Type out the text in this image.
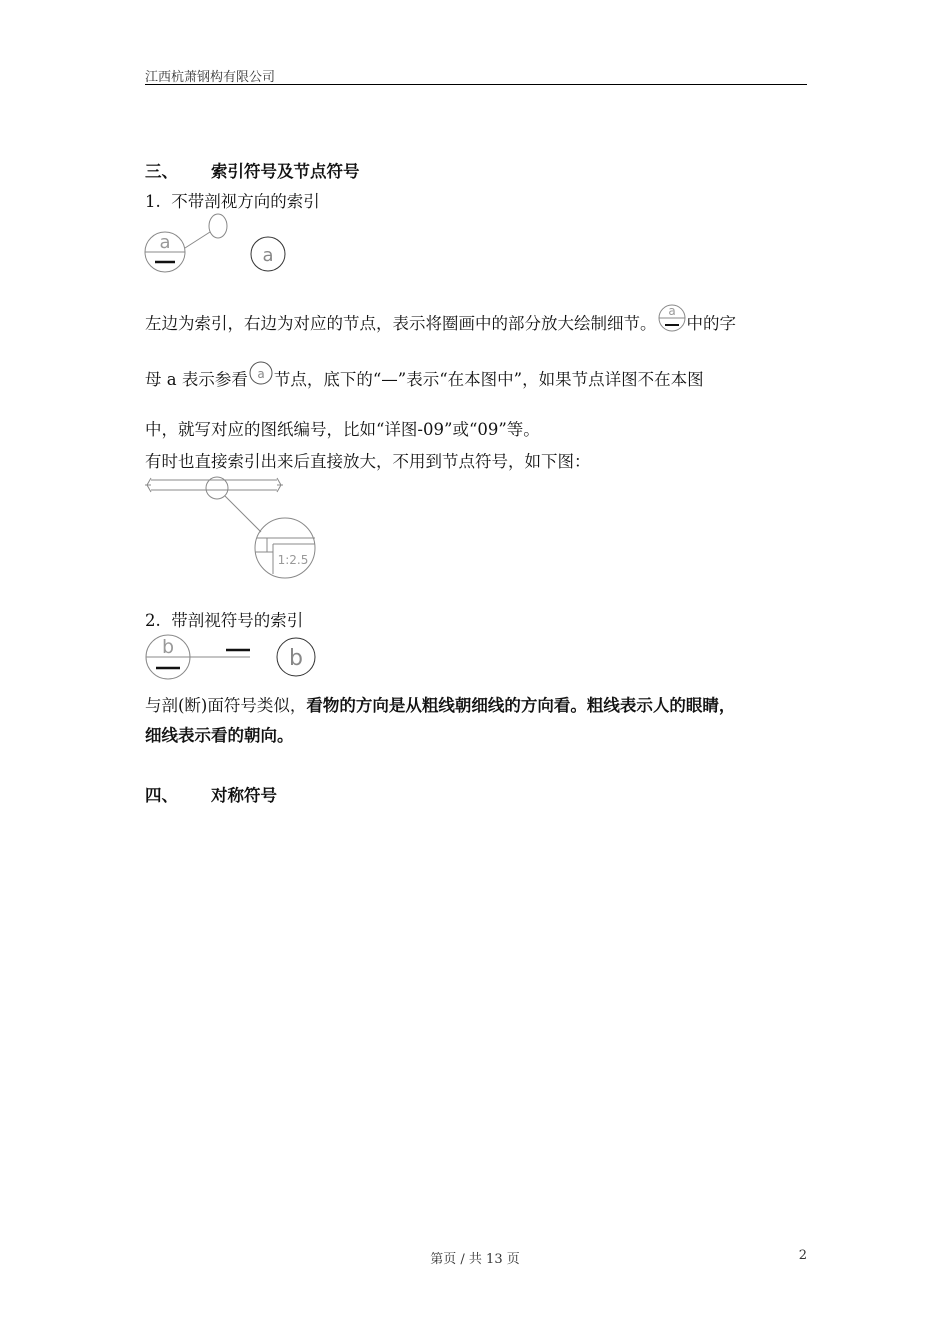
江西杭萧钢构有限公司
三、 索引符号及节点符号
1. 不带剖视方向的索引
a
a
左边为索引，右边为对应的节点，表示将圈画中的部分放大绘制细节。
a
中的字
母 a 表示参看 a 节点，底下的“—”表示“在本图中”，如果节点详图不在本图
中，就写对应的图纸编号，比如“详图-09”或“09”等。
有时也直接索引出来后直接放大，不用到节点符号，如下图：
1:2.5
2. 带剖视符号的索引
b	b
与剖(断)面符号类似，看物的方向是从粗线朝细线的方向看。粗线表示人的眼睛，
细线表示看的朝向。
四、 对称符号
第页 / 共 13 页	2
